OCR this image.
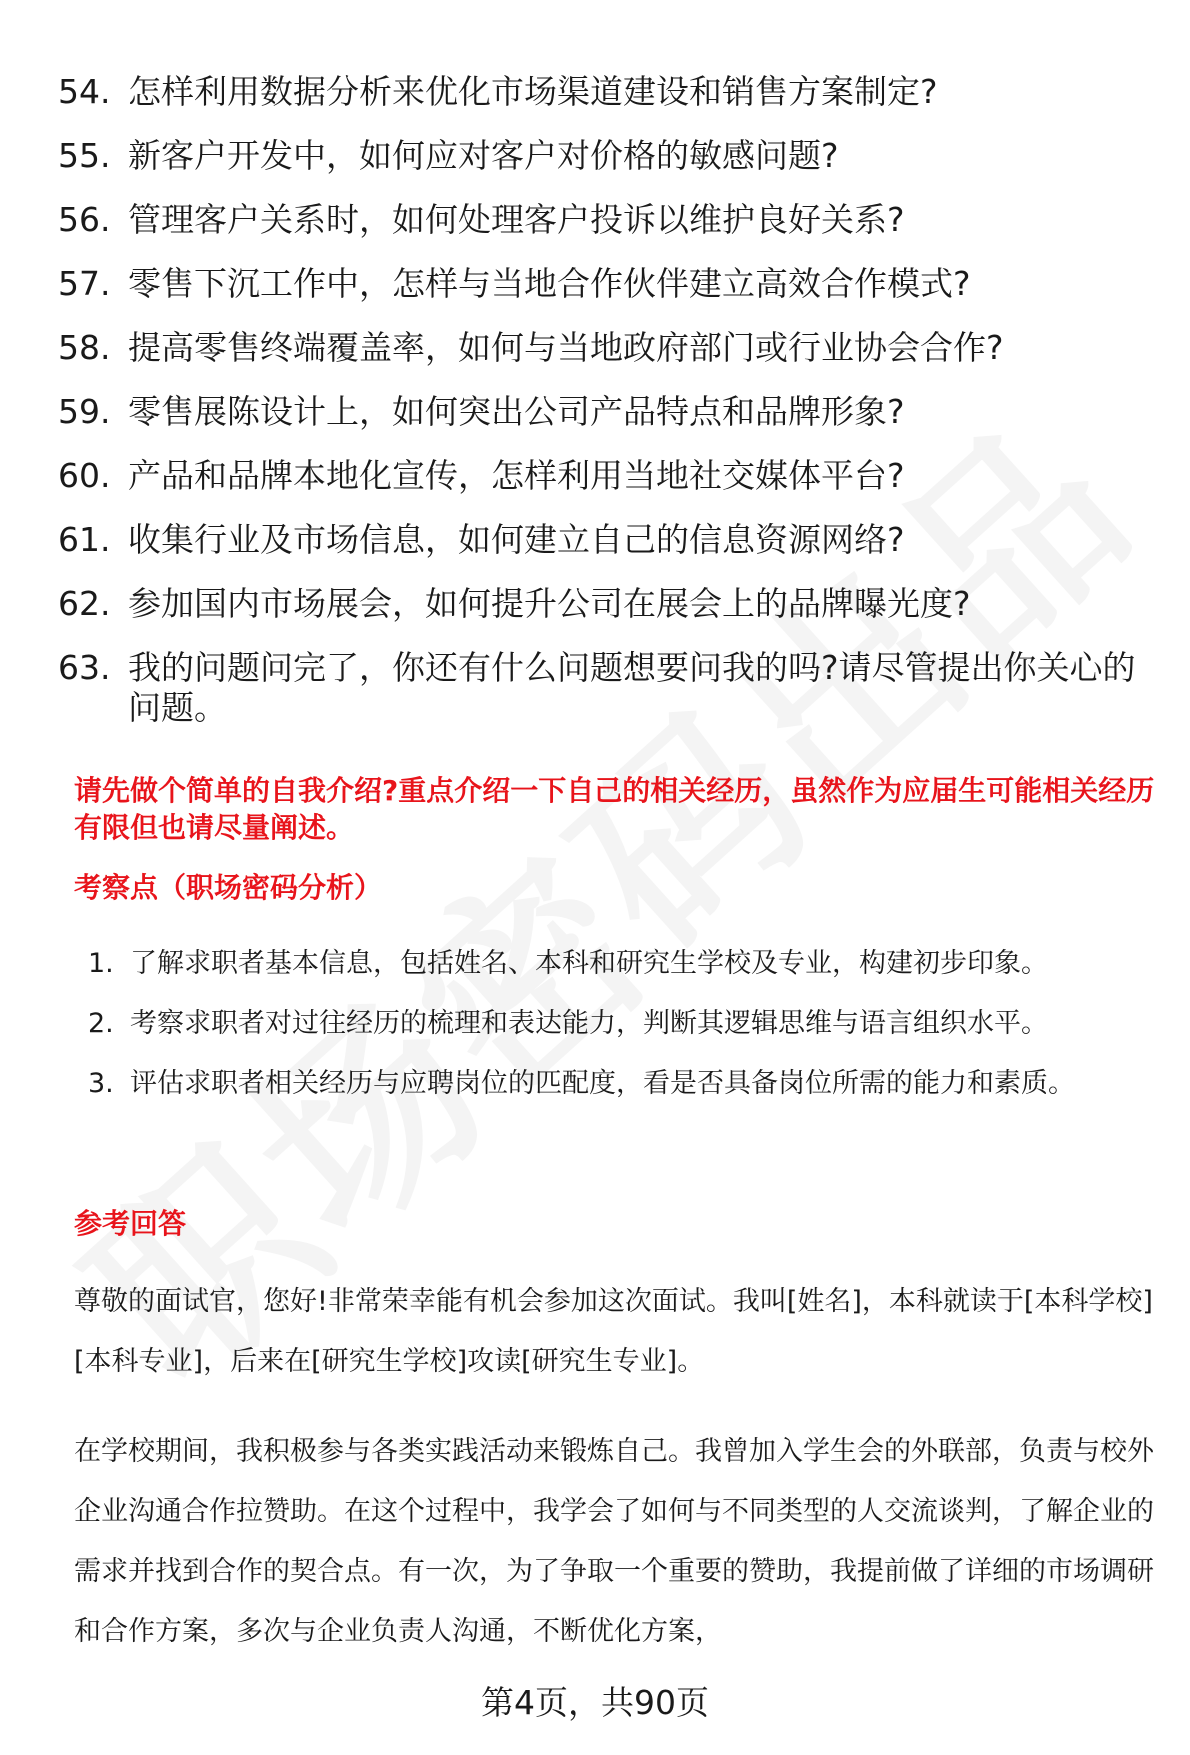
54. 怎样利用数据分析来优化市场渠道建设和销售方案制定?
55. 新客户开发中，如何应对客户对价格的敏感问题?
56. 管理客户关系时，如何处理客户投诉以维护良好关系?
57. 零售下沉工作中，怎样与当地合作伙伴建立高效合作模式?
58. 提高零售终端覆盖率，如何与当地政府部门或行业协会合作?
59. 零售展陈设计上，如何突出公司产品特点和品牌形象?
60. 产品和品牌本地化宣传，怎样利用当地社交媒体平台?
61. 收集行业及市场信息，如何建立自己的信息资源网络?
62. 参加国内市场展会，如何提升公司在展会上的品牌曝光度?
63. 我的问题问完了，你还有什么问题想要问我的吗?请尽管提出你关心的问题。
请先做个简单的自我介绍?重点介绍一下自己的相关经历，虽然作为应届生可能相关经历有限但也请尽量阐述。
考察点（职场密码分析）
1. 了解求职者基本信息，包括姓名、本科和研究生学校及专业，构建初步印象。
2. 考察求职者对过往经历的梳理和表达能力，判断其逻辑思维与语言组织水平。
3. 评估求职者相关经历与应聘岗位的匹配度，看是否具备岗位所需的能力和素质。
参考回答

尊敬的面试官，您好!非常荣幸能有机会参加这次面试。我叫[姓名]，本科就读于[本科学校][本科专业]，后来在[研究生学校]攻读[研究生专业]。

在学校期间，我积极参与各类实践活动来锻炼自己。我曾加入学生会的外联部，负责与校外企业沟通合作拉赞助。在这个过程中，我学会了如何与不同类型的人交流谈判，了解企业的需求并找到合作的契合点。有一次，为了争取一个重要的赞助，我提前做了详细的市场调研和合作方案，多次与企业负责人沟通，不断优化方案，

第4页，共90页
